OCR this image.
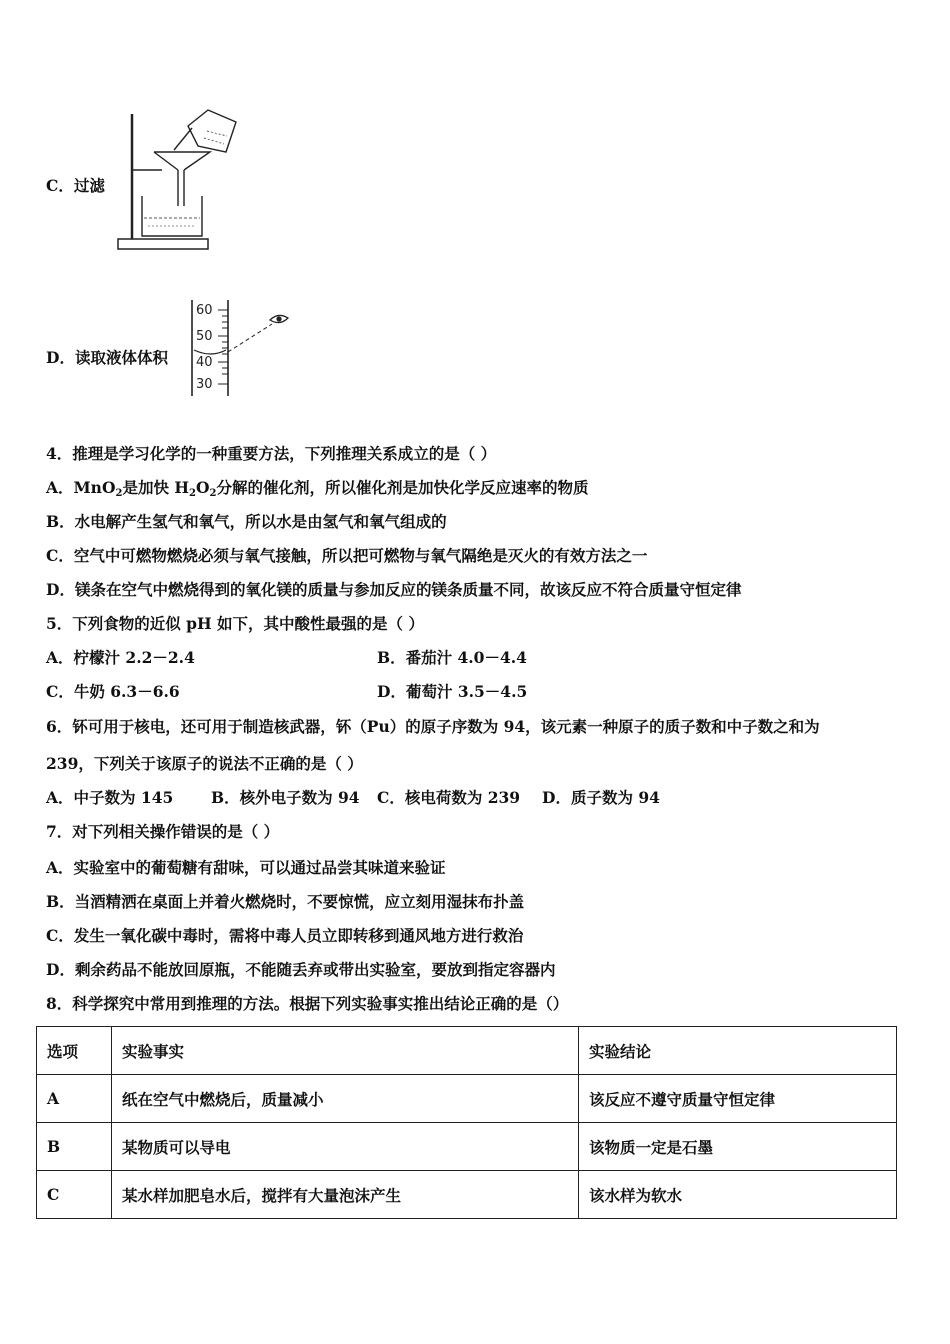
C．过滤
D．读取液体体积
60
50
40
30
4．推理是学习化学的一种重要方法，下列推理关系成立的是（ ）
A．MnO$_2$是加快 $H_2O_2$分解的催化剂，所以催化剂是加快化学反应速率的物质
B．水电解产生氢气和氧气，所以水是由氢气和氧气组成的
C．空气中可燃物燃烧必须与氧气接触，所以把可燃物与氧气隔绝是灭火的有效方法之一
D．镁条在空气中燃烧得到的氧化镁的质量与参加反应的镁条质量不同，故该反应不符合质量守恒定律
5．下列食物的近似 pH 如下，其中酸性最强的是（ ）
A．柠檬汁 2.2－2.4	B．番茄汁 4.0－4.4
C．牛奶 6.3－6.6	D．葡萄汁 3.5－4.5
6．钚可用于核电，还可用于制造核武器，钚（Pu）的原子序数为 94，该元素一种原子的质子数和中子数之和为
239，下列关于该原子的说法不正确的是（ ）
A．中子数为 145 B．核外电子数为 94 C．核电荷数为 239 D．质子数为 94
7．对下列相关操作错误的是（ ）
A．实验室中的葡萄糖有甜味，可以通过品尝其味道来验证
B．当酒精洒在桌面上并着火燃烧时，不要惊慌，应立刻用湿抹布扑盖
C．发生一氧化碳中毒时，需将中毒人员立即转移到通风地方进行救治
D．剩余药品不能放回原瓶，不能随丢弃或带出实验室，要放到指定容器内
8．科学探究中常用到推理的方法。根据下列实验事实推出结论正确的是（）
选项	实验事实	实验结论
A	纸在空气中燃烧后，质量减小	该反应不遵守质量守恒定律
B	某物质可以导电	该物质一定是石墨
C	某水样加肥皂水后，搅拌有大量泡沫产生	该水样为软水
